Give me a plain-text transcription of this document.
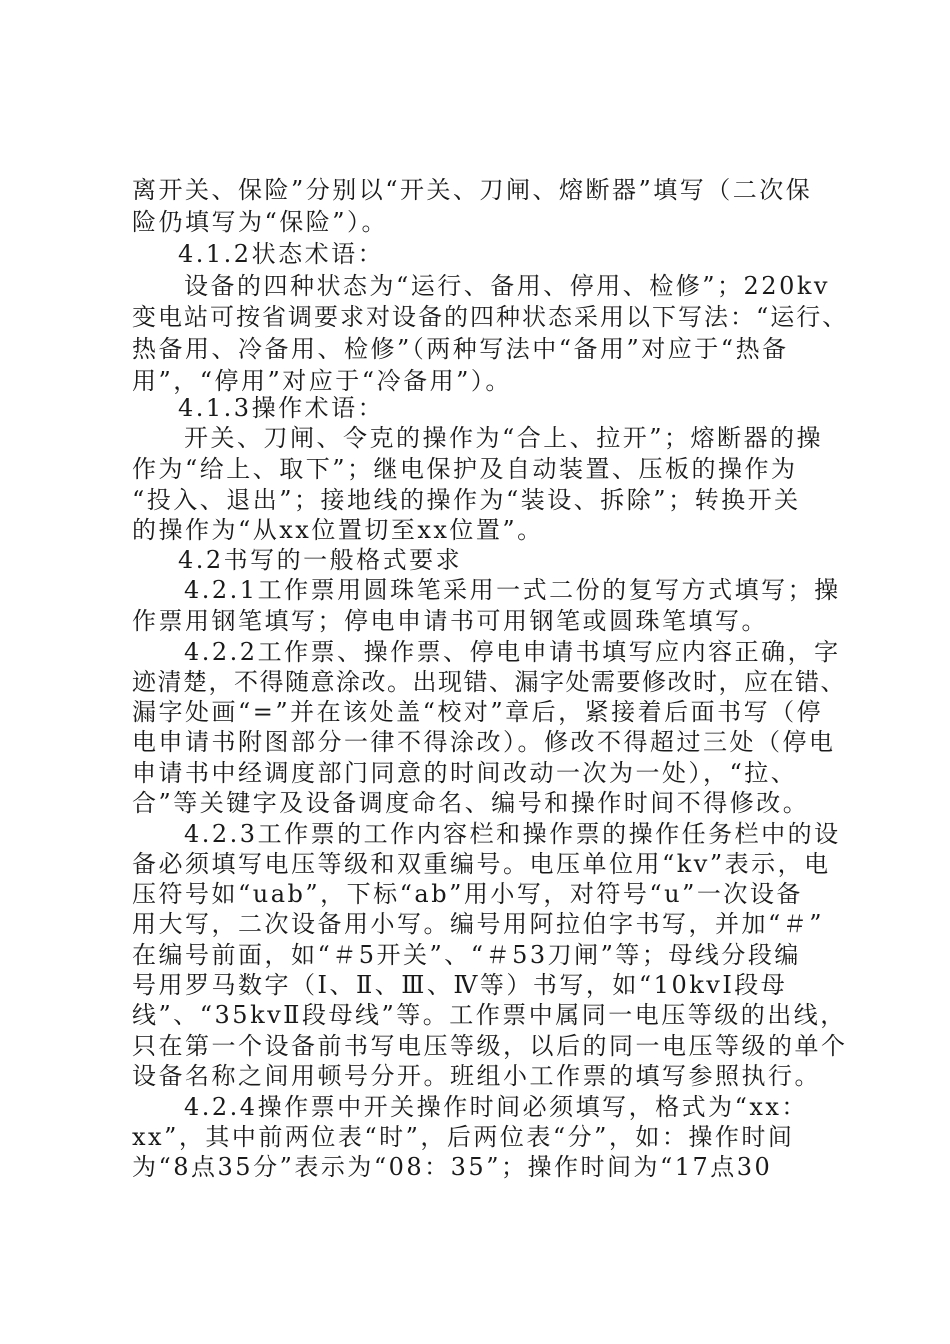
离开关、保险”分别以“开关、刀闸、熔断器”填写（二次保

险仍填写为“保险”）。

4.1.2状态术语：

设备的四种状态为“运行、备用、停用、检修”；220kv

变电站可按省调要求对设备的四种状态采用以下写法：“运行、

热备用、冷备用、检修”（两种写法中“备用”对应于“热备

用”，“停用”对应于“冷备用”）。

4.1.3操作术语：

开关、刀闸、令克的操作为“合上、拉开”；熔断器的操

作为“给上、取下”；继电保护及自动装置、压板的操作为

“投入、退出”；接地线的操作为“装设、拆除”；转换开关

的操作为“从xx位置切至xx位置”。

4.2书写的一般格式要求

4.2.1工作票用圆珠笔采用一式二份的复写方式填写；操

作票用钢笔填写；停电申请书可用钢笔或圆珠笔填写。

4.2.2工作票、操作票、停电申请书填写应内容正确，字

迹清楚，不得随意涂改。出现错、漏字处需要修改时，应在错、

漏字处画“=”并在该处盖“校对”章后，紧接着后面书写（停

电申请书附图部分一律不得涂改）。修改不得超过三处（停电

申请书中经调度部门同意的时间改动一次为一处），“拉、

合”等关键字及设备调度命名、编号和操作时间不得修改。

4.2.3工作票的工作内容栏和操作票的操作任务栏中的设

备必须填写电压等级和双重编号。电压单位用“kv”表示，电

压符号如“uab”，下标“ab”用小写，对符号“u”一次设备

用大写，二次设备用小写。编号用阿拉伯字书写，并加“＃”

在编号前面，如“＃5开关”、“＃53刀闸”等；母线分段编

号用罗马数字（Ⅰ、Ⅱ、Ⅲ、Ⅳ等）书写，如“10kvⅠ段母

线”、“35kvⅡ段母线”等。工作票中属同一电压等级的出线，

只在第一个设备前书写电压等级，以后的同一电压等级的单个

设备名称之间用顿号分开。班组小工作票的填写参照执行。

4.2.4操作票中开关操作时间必须填写，格式为“xx：

xx”，其中前两位表“时”，后两位表“分”，如：操作时间

为“8点35分”表示为“08：35”；操作时间为“17点30
